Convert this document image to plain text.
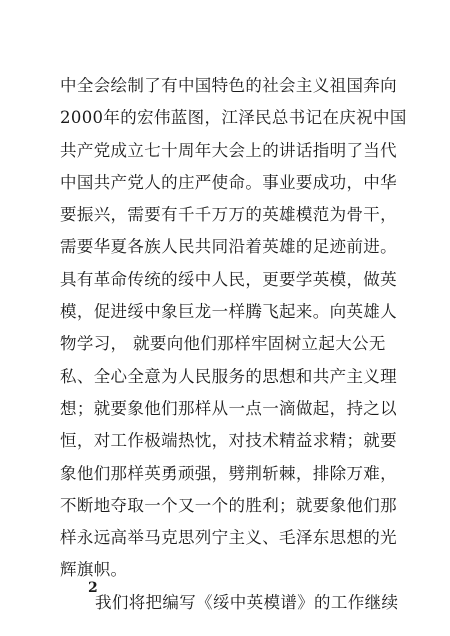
中全会绘制了有中国特色的社会主义祖国奔向
2000年的宏伟蓝图，江泽民总书记在庆祝中国
共产党成立七十周年大会上的讲话指明了当代
中国共产党人的庄严使命。事业要成功，中华
要振兴，需要有千千万万的英雄模范为骨干，
需要华夏各族人民共同沿着英雄的足迹前进。
具有革命传统的绥中人民，更要学英模，做英
模，促进绥中象巨龙一样腾飞起来。向英雄人
物学习， 就要向他们那样牢固树立起大公无
私、全心全意为人民服务的思想和共产主义理
想；就要象他们那样从一点一滴做起，持之以
恒，对工作极端热忱，对技术精益求精；就要
象他们那样英勇顽强，劈荆斩棘，排除万难，
不断地夺取一个又一个的胜利；就要象他们那
样永远高举马克思列宁主义、毛泽东思想的光
辉旗帜。
我们将把编写《绥中英模谱》的工作继续
2
